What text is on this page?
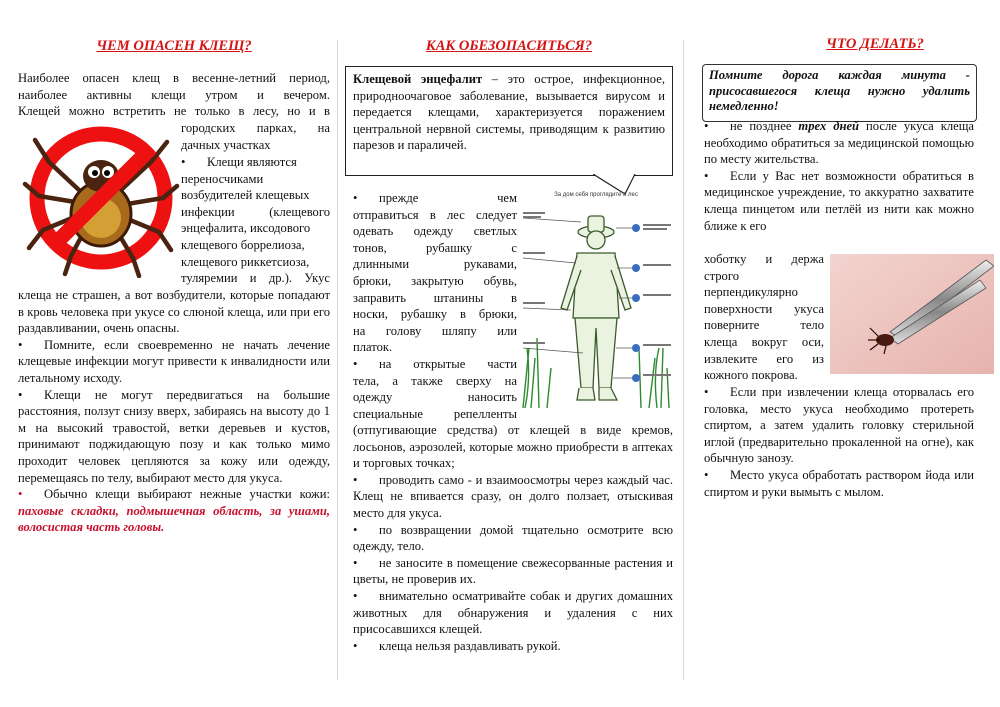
ЧЕМ ОПАСЕН КЛЕЩ?
Наиболее опасен клещ в весенне-летний период,
наиболее активны клещи утром и вечером.
Клещей можно встретить не только в лесу, но и в
городских парках, на
дачных участках
• Клещи являются
переносчиками
возбудителей клещевых
инфекции (клещевого
энцефалита, иксодового
клещевого боррелиоза,
клещевого риккетсиоза,
туляремии и др.). Укус

клеща не страшен, а вот возбудители, которые попадают в кровь человека при укусе со слюной клеща, или при его раздавливании, очень опасны.

• Помните, если своевременно не начать лечение клещевые инфекции могут привести к инвалидности или летальному исходу.

• Клещи не могут передвигаться на большие расстояния, ползут снизу вверх, забираясь на высоту до 1 м на высокий травостой, ветки деревьев и кустов, принимают поджидающую позу и как только мимо проходит человек цепляются за кожу или одежду, перемещаясь по телу, выбирают место для укуса.

• Обычно клещи выбирают нежные участки кожи: паховые складки, подмышечная область, за ушами, волосистая часть головы.

КАК ОБЕЗОПАСИТЬСЯ?

Клещевой энцефалит – это острое, инфекционное, природноочаговое заболевание, вызывается вирусом и передается клещами, характеризуется поражением центральной нервной системы, приводящим к развитию парезов и параличей.

• прежде чем
отправиться в лес следует
одевать одежду светлых
тонов, рубашку с
длинными рукавами,
брюки, закрытую обувь,
заправить штанины в
носки, рубашку в брюки,
на голову шляпу или
платок.
• на открытые части
тела, а также сверху на
одежду наносить
специальные репелленты
За дом себя проглядите в лес

(отпугивающие средства) от клещей в виде кремов, лосьонов, аэрозолей, которые можно приобрести в аптеках и торговых точках;

• проводить само - и взаимоосмотры через каждый час. Клещ не впивается сразу, он долго ползает, отыскивая место для укуса.

• по возвращении домой тщательно осмотрите всю одежду, тело.

• не заносите в помещение свежесорванные растения и цветы, не проверив их.

• внимательно осматривайте собак и других домашних животных для обнаружения и удаления с них присосавшихся клещей.

• клеща нельзя раздавливать рукой.

ЧТО ДЕЛАТЬ?

Помните дорога каждая минута - присосавшегося клеща нужно удалить немедленно!

• не позднее трех дней после укуса клеща необходимо обратиться за медицинской помощью по месту жительства.

• Если у Вас нет возможности обратиться в медицинское учреждение, то аккуратно захватите клеща пинцетом или петлёй из нити как можно ближе к его

хоботку и держа
строго
перпендикулярно
поверхности укуса
поверните тело
клеща вокруг оси,
извлеките его из
кожного покрова.

• Если при извлечении клеща оторвалась его головка, место укуса необходимо протереть спиртом, а затем удалить головку стерильной иглой (предварительно прокаленной на огне), как обычную занозу.

• Место укуса обработать раствором йода или спиртом и руки вымыть с мылом.
